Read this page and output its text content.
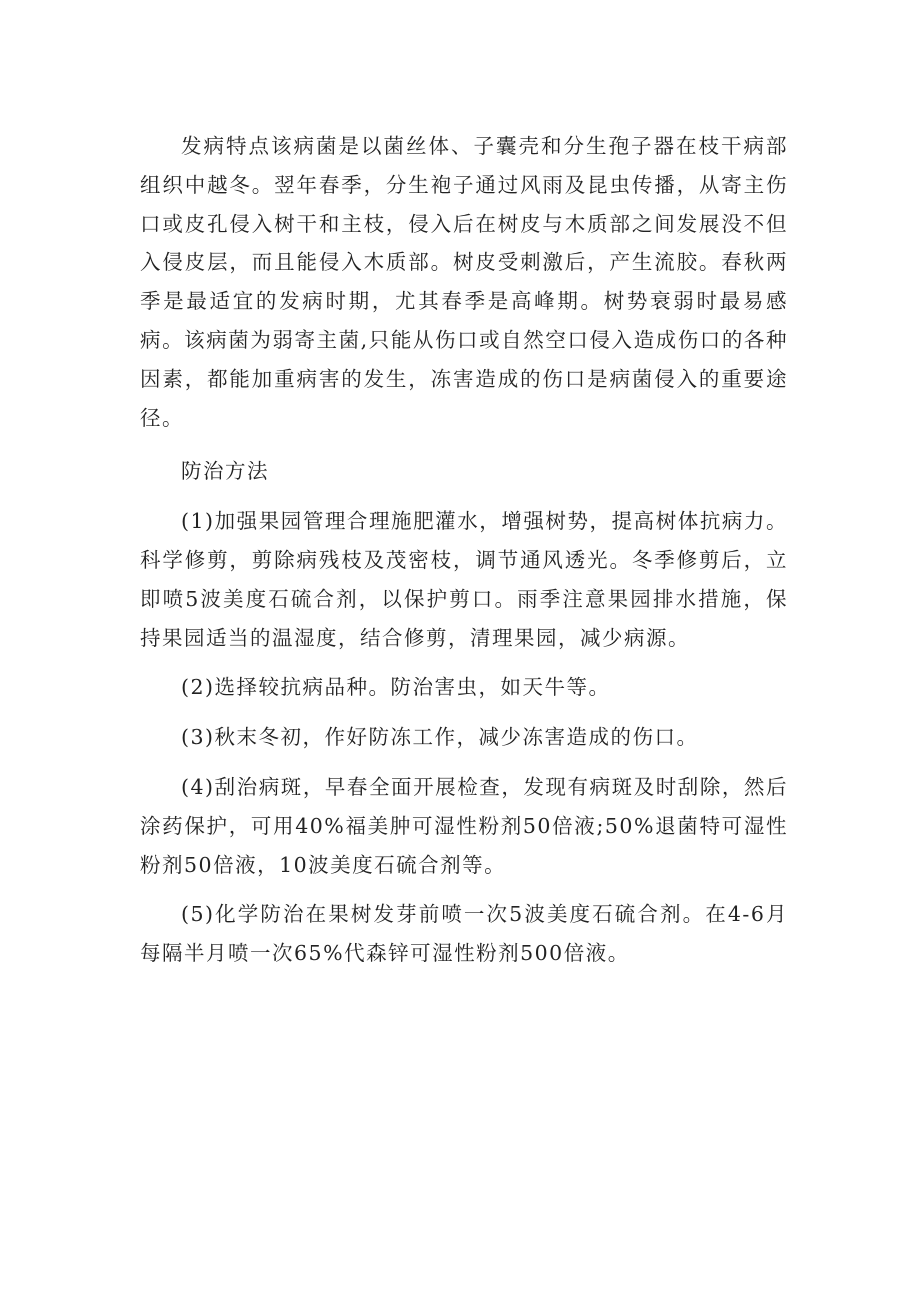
发病特点该病菌是以菌丝体、子囊壳和分生孢子器在枝干病部组织中越冬。翌年春季，分生袍子通过风雨及昆虫传播，从寄主伤口或皮孔侵入树干和主枝，侵入后在树皮与木质部之间发展没不但入侵皮层，而且能侵入木质部。树皮受刺激后，产生流胶。春秋两季是最适宜的发病时期，尤其春季是高峰期。树势衰弱时最易感病。该病菌为弱寄主菌,只能从伤口或自然空口侵入造成伤口的各种因素，都能加重病害的发生，冻害造成的伤口是病菌侵入的重要途径。

防治方法

(1)加强果园管理合理施肥灌水，增强树势，提高树体抗病力。科学修剪，剪除病残枝及茂密枝，调节通风透光。冬季修剪后，立即喷5波美度石硫合剂，以保护剪口。雨季注意果园排水措施，保持果园适当的温湿度，结合修剪，清理果园，减少病源。

(2)选择较抗病品种。防治害虫，如天牛等。

(3)秋末冬初，作好防冻工作，减少冻害造成的伤口。

(4)刮治病斑，早春全面开展检查，发现有病斑及时刮除，然后涂药保护，可用40%福美肿可湿性粉剂50倍液;50%退菌特可湿性粉剂50倍液，10波美度石硫合剂等。

(5)化学防治在果树发芽前喷一次5波美度石硫合剂。在4-6月每隔半月喷一次65%代森锌可湿性粉剂500倍液。
